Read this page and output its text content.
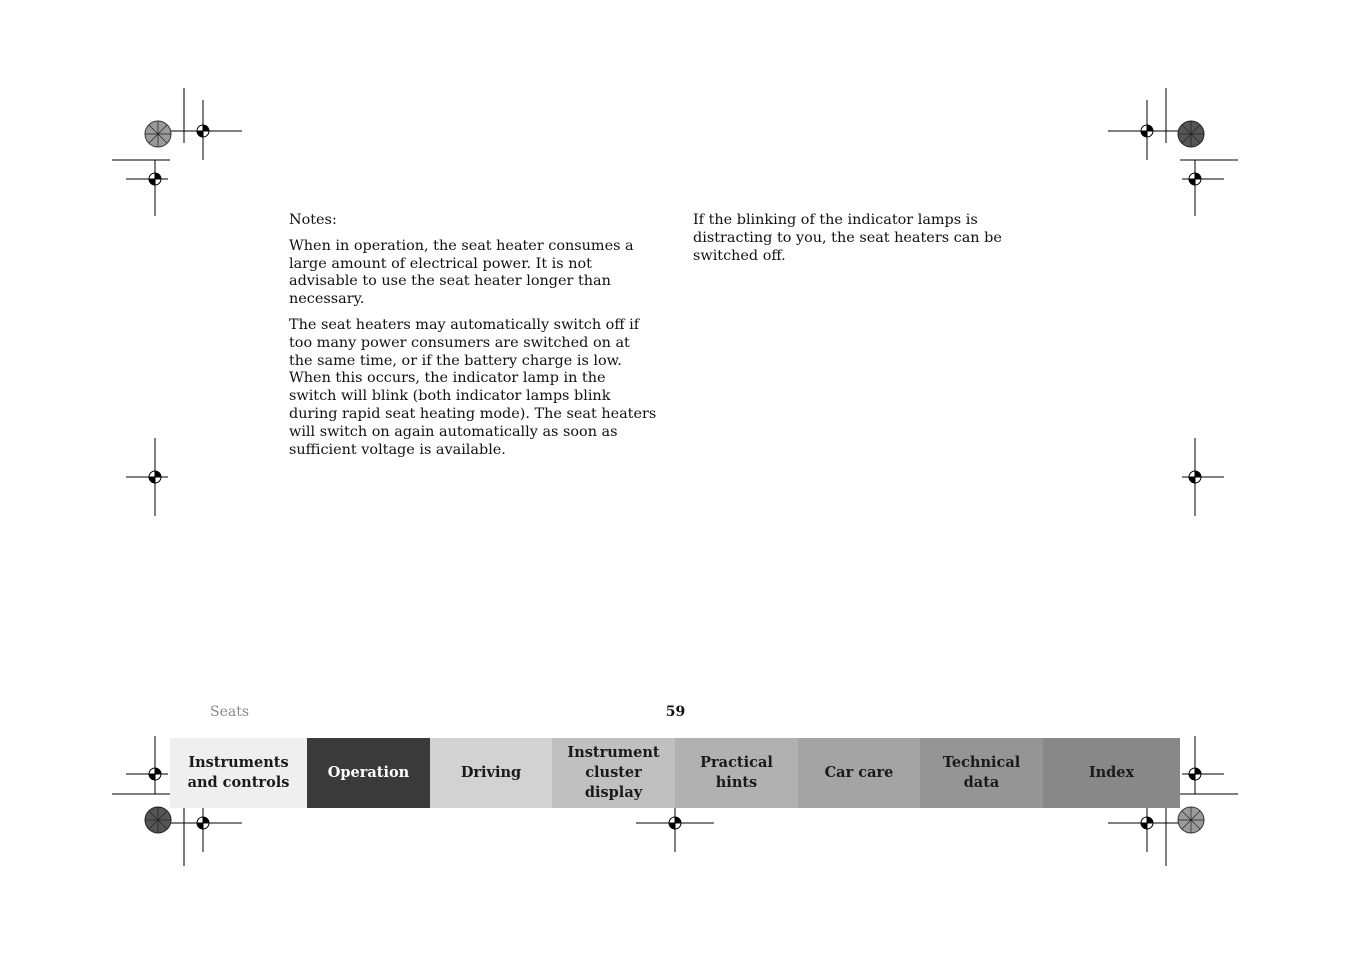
Notes:

When in operation, the seat heater consumes a large amount of electrical power. It is not advisable to use the seat heater longer than necessary.

The seat heaters may automatically switch off if too many power consumers are switched on at the same time, or if the battery charge is low. When this occurs, the indicator lamp in the switch will blink (both indicator lamps blink during rapid seat heating mode). The seat heaters will switch on again automatically as soon as sufficient voltage is available.

If the blinking of the indicator lamps is distracting to you, the seat heaters can be switched off.

Seats	59
Instruments
and controls
Operation	Driving
Instrument
cluster display
Practical hints
Car care
Technical
data
Index
